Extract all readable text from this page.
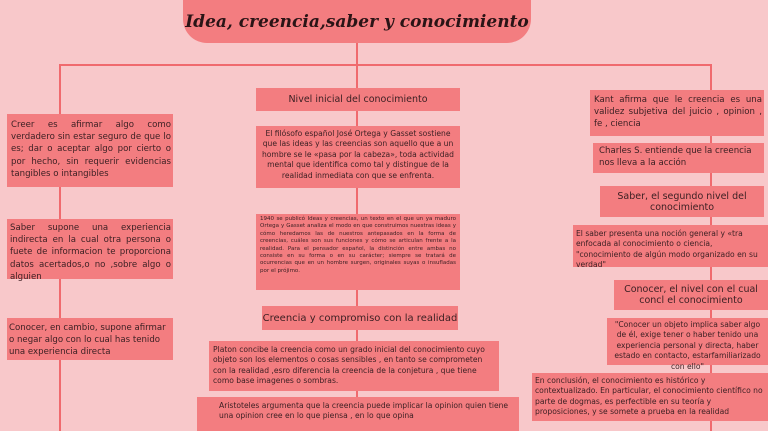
Idea, creencia,saber y conocimiento
Creer es afirmar algo como verdadero sin estar seguro de que lo es; dar o aceptar algo por cierto o por hecho, sin requerir evidencias tangibles o intangibles
Saber supone una experiencia indirecta en la cual otra persona o fuete de informacion te proporciona datos acertados,o no ,sobre algo o alguien
Conocer, en cambio, supone afirmar o negar algo con lo cual has tenido una experiencia directa
Nivel inicial del conocimiento
El filósofo español José Ortega y Gasset sostiene que las ideas y las creencias son aquello que a un hombre se le «pasa por la cabeza», toda actividad mental que identifica como tal y distingue de la realidad inmediata con que se enfrenta.
1940 se publicó Ideas y creencias, un texto en el que un ya maduro Ortega y Gasset analiza el modo en que construimos nuestras ideas y cómo heredamos las de nuestros antepasados en la forma de creencias, cuáles son sus funciones y cómo se articulan frente a la realidad. Para el pensador español, la distinción entre ambas no consiste en su forma o en su carácter; siempre se tratará de ocurrencias que en un hombre surgen, originales suyas o insufladas por el prójimo.
Creencia y compromiso con la realidad
Platon concibe la creencia como un grado inicial del conocimiento cuyo objeto son los elementos o cosas sensibles , en tanto se comprometen con la realidad ,esro diferencia la creencia de la conjetura , que tiene como base imagenes o sombras.
Aristoteles argumenta que la creencia puede implicar la opinion quien tiene una opinion cree en lo que piensa , en lo que opina
Kant afirma que le creencia es una validez subjetiva del juicio , opinion , fe , ciencia
Charles S. entiende que la creencia nos lleva a la acción
Saber, el segundo nivel del conocimiento
El saber presenta una noción general y «tra enfocada al conocimiento o ciencia, "conocimiento de algún modo organizado en su verdad"
Conocer, el nivel con el cual concl el conocimiento
"Conocer un objeto implica saber algo de él, exige tener o haber tenido una experiencia personal y directa, haber estado en contacto, estarfamiliarizado con ello"
En conclusión, el conocimiento es histórico y contextualizado. En particular, el conocimiento científico no parte de dogmas, es perfectible en su teoría y proposiciones, y se somete a prueba en la realidad
